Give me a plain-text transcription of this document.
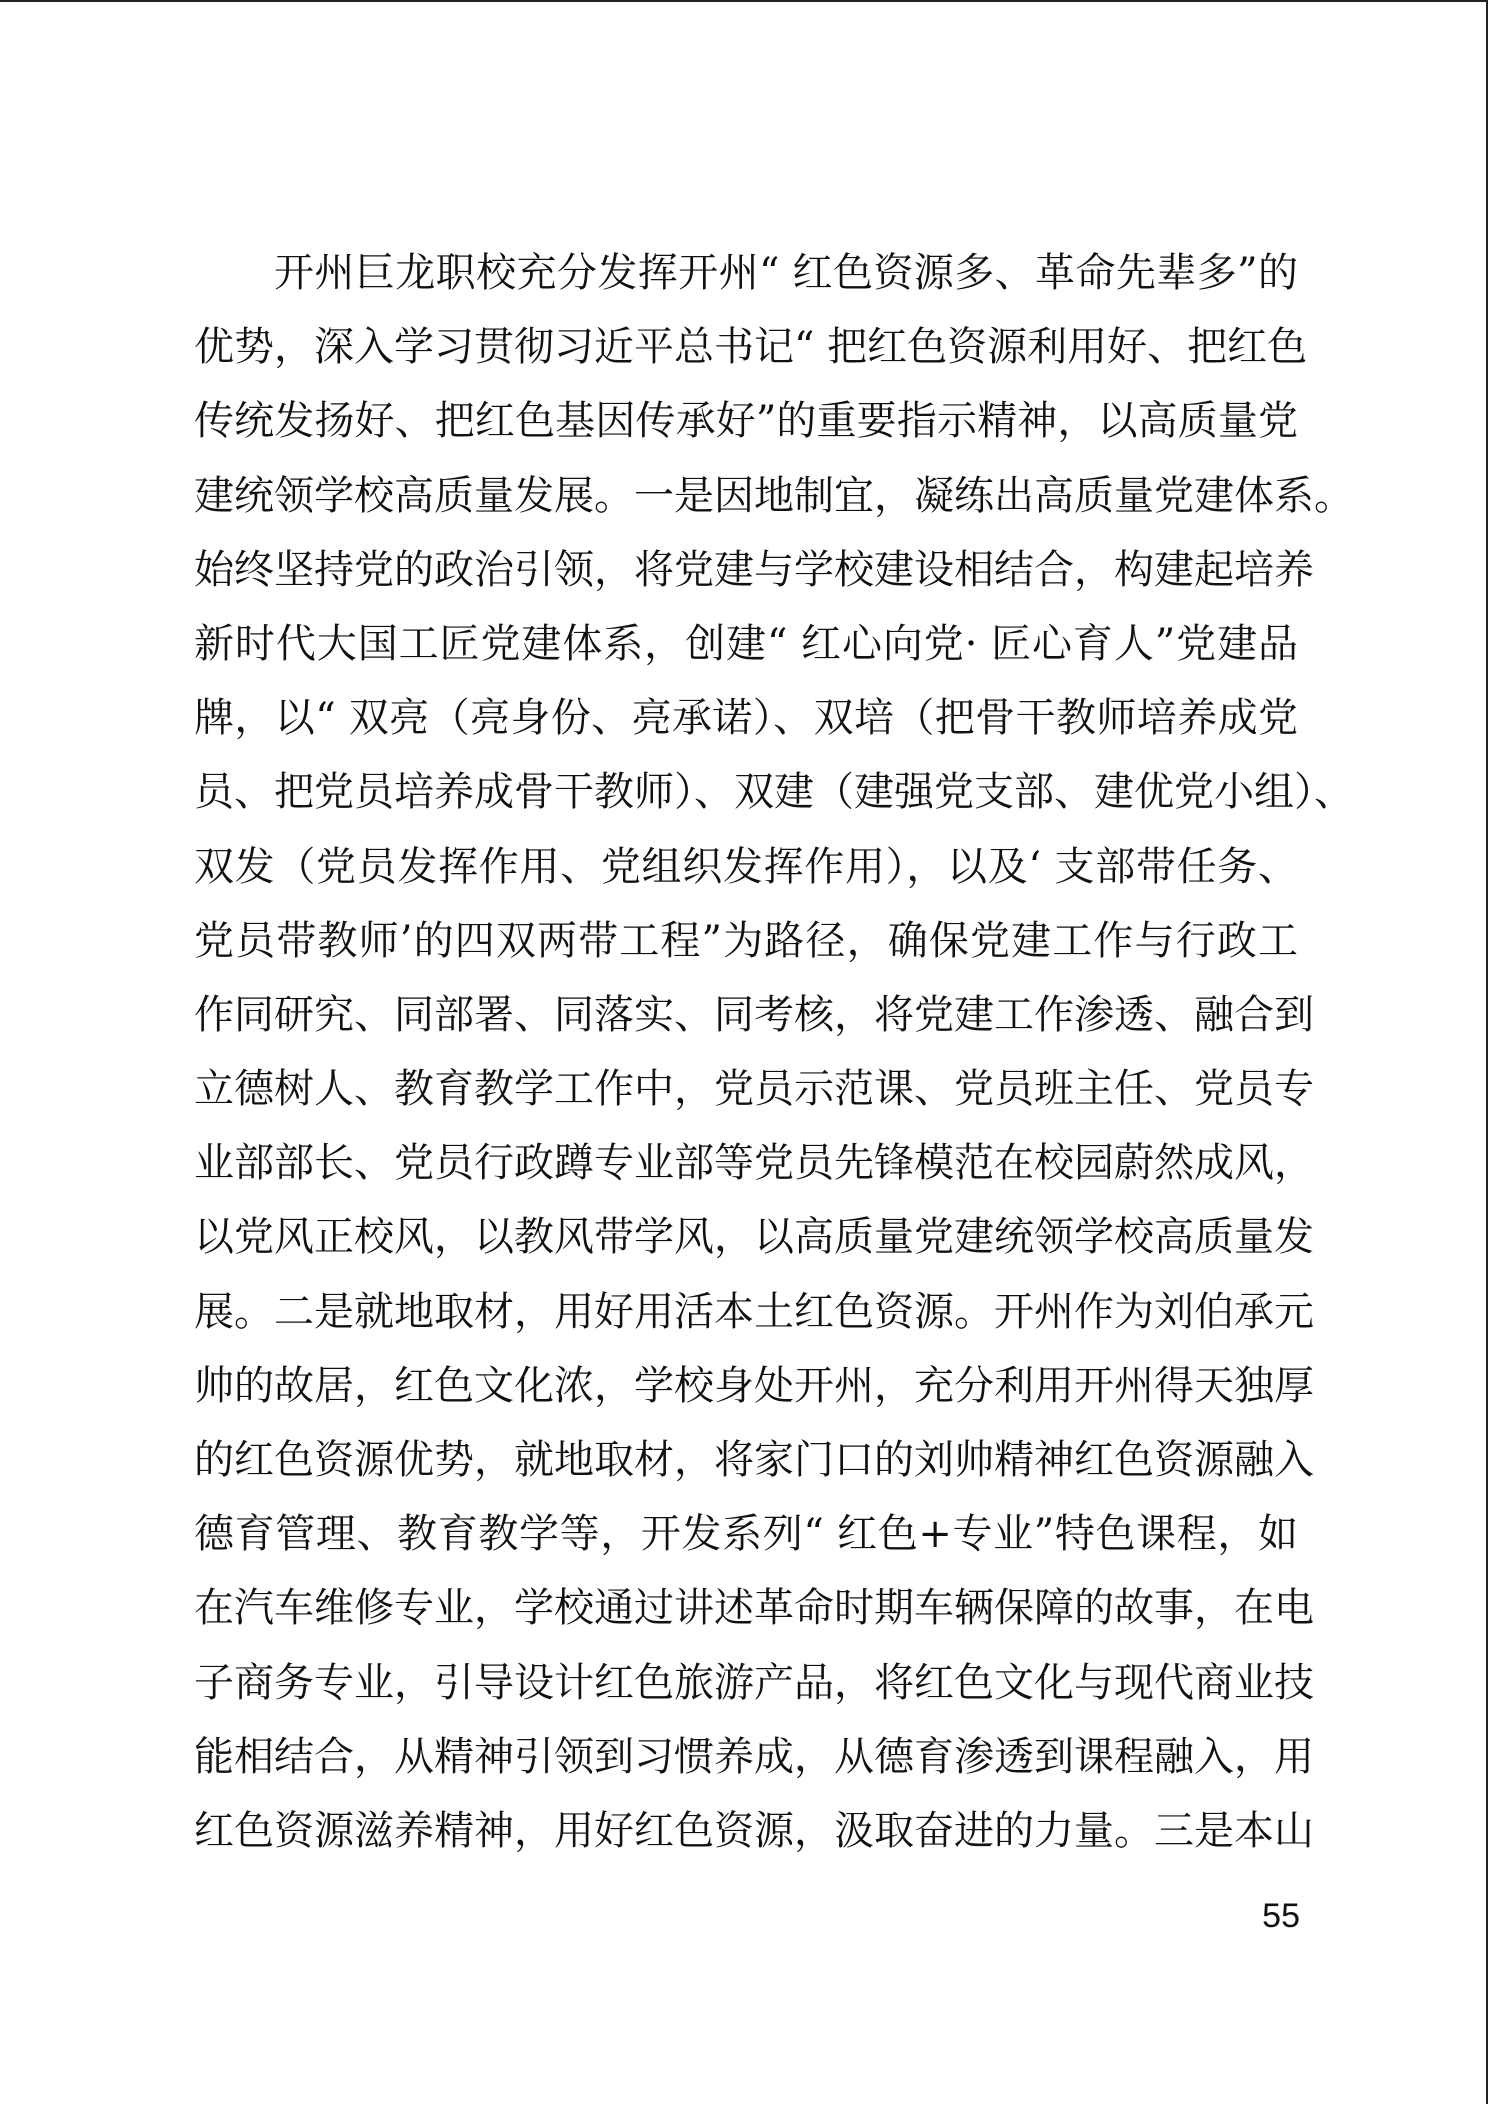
开州巨龙职校充分发挥开州“ 红色资源多、革命先辈多”的
优势，深入学习贯彻习近平总书记“ 把红色资源利用好、把红色
传统发扬好、把红色基因传承好”的重要指示精神，以高质量党
建统领学校高质量发展。一是因地制宜，凝练出高质量党建体系。
始终坚持党的政治引领，将党建与学校建设相结合，构建起培养
新时代大国工匠党建体系，创建“ 红心向党· 匠心育人”党建品
牌，以“ 双亮（亮身份、亮承诺）、双培（把骨干教师培养成党
员、把党员培养成骨干教师）、双建（建强党支部、建优党小组）、
双发（党员发挥作用、党组织发挥作用），以及‘ 支部带任务、
党员带教师’的四双两带工程”为路径，确保党建工作与行政工
作同研究、同部署、同落实、同考核，将党建工作渗透、融合到
立德树人、教育教学工作中，党员示范课、党员班主任、党员专
业部部长、党员行政蹲专业部等党员先锋模范在校园蔚然成风，
以党风正校风，以教风带学风，以高质量党建统领学校高质量发
展。二是就地取材，用好用活本土红色资源。开州作为刘伯承元
帅的故居，红色文化浓，学校身处开州，充分利用开州得天独厚
的红色资源优势，就地取材，将家门口的刘帅精神红色资源融入
德育管理、教育教学等，开发系列“ 红色+专业”特色课程，如
在汽车维修专业，学校通过讲述革命时期车辆保障的故事，在电
子商务专业，引导设计红色旅游产品，将红色文化与现代商业技
能相结合，从精神引领到习惯养成，从德育渗透到课程融入，用
红色资源滋养精神，用好红色资源，汲取奋进的力量。三是本山
55
